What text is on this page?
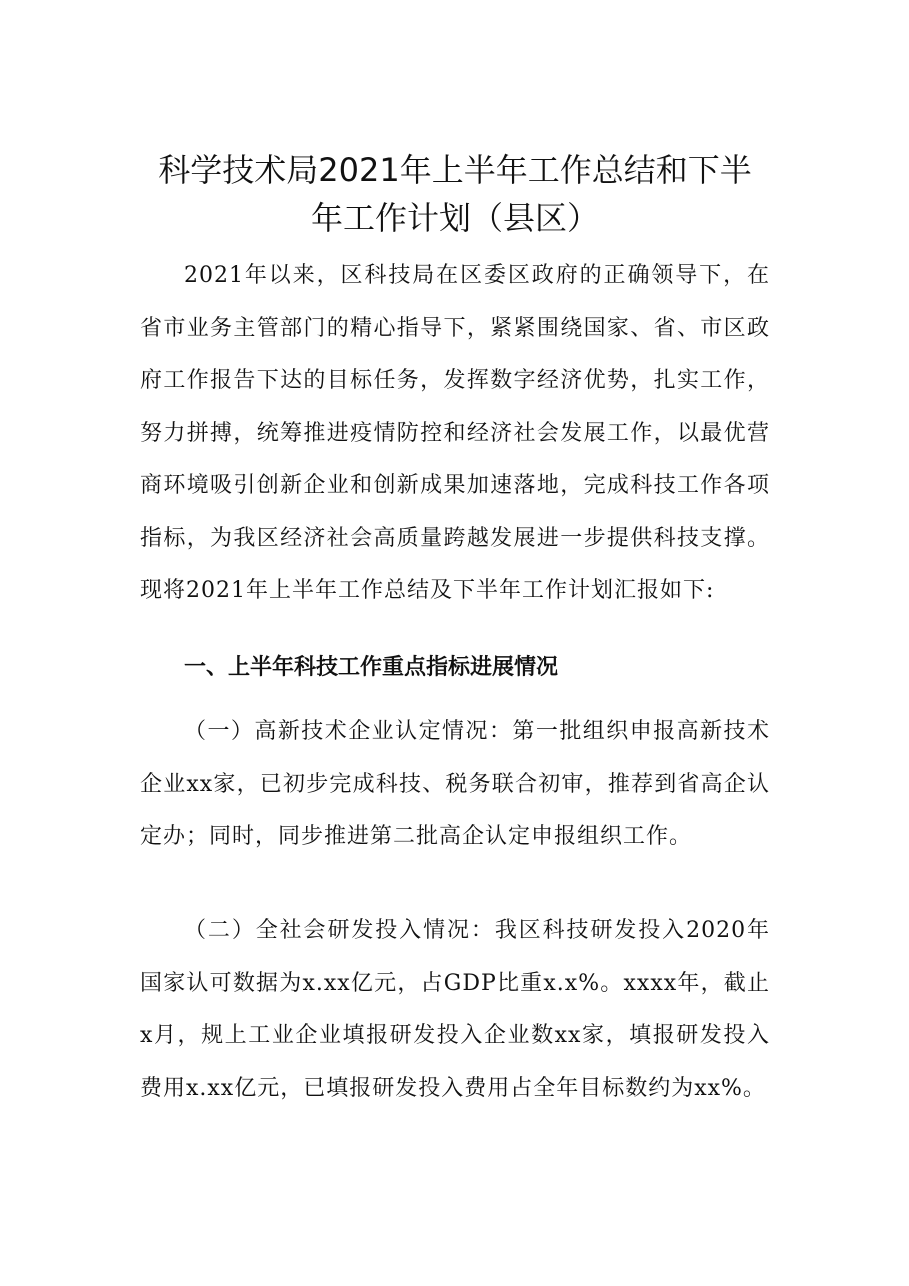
科学技术局2021年上半年工作总结和下半
年工作计划（县区）

2021年以来，区科技局在区委区政府的正确领导下，在省市业务主管部门的精心指导下，紧紧围绕国家、省、市区政府工作报告下达的目标任务，发挥数字经济优势，扎实工作，努力拼搏，统筹推进疫情防控和经济社会发展工作，以最优营商环境吸引创新企业和创新成果加速落地，完成科技工作各项指标，为我区经济社会高质量跨越发展进一步提供科技支撑。现将2021年上半年工作总结及下半年工作计划汇报如下:

一、上半年科技工作重点指标进展情况

（一）高新技术企业认定情况：第一批组织申报高新技术企业xx家，已初步完成科技、税务联合初审，推荐到省高企认定办；同时，同步推进第二批高企认定申报组织工作。

（二）全社会研发投入情况：我区科技研发投入2020年国家认可数据为x.xx亿元，占GDP比重x.x%。xxxx年，截止x月，规上工业企业填报研发投入企业数xx家，填报研发投入费用x.xx亿元，已填报研发投入费用占全年目标数约为xx%。
